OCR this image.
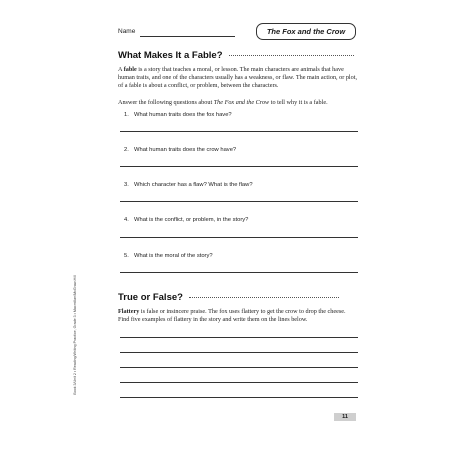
Name	The Fox and the Crow
What Makes It a Fable?
A fable is a story that teaches a moral, or lesson. The main characters are animals that have human traits, and one of the characters usually has a weakness, or flaw. The main action, or plot, of a fable is about a conflict, or problem, between the characters.
Answer the following questions about The Fox and the Crow to tell why it is a fable.
1. What human traits does the fox have?
2. What human traits does the crow have?
3. Which character has a flaw? What is the flaw?
4. What is the conflict, or problem, in the story?
5. What is the moral of the story?
True or False?
Flattery is false or insincere praise. The fox uses flattery to get the crow to drop the cheese. Find five examples of flattery in the story and write them on the lines below.
Book 3/Unit 2 • Reading/Writing Practice, Grade 3 • Macmillan/McGraw-Hill
11
